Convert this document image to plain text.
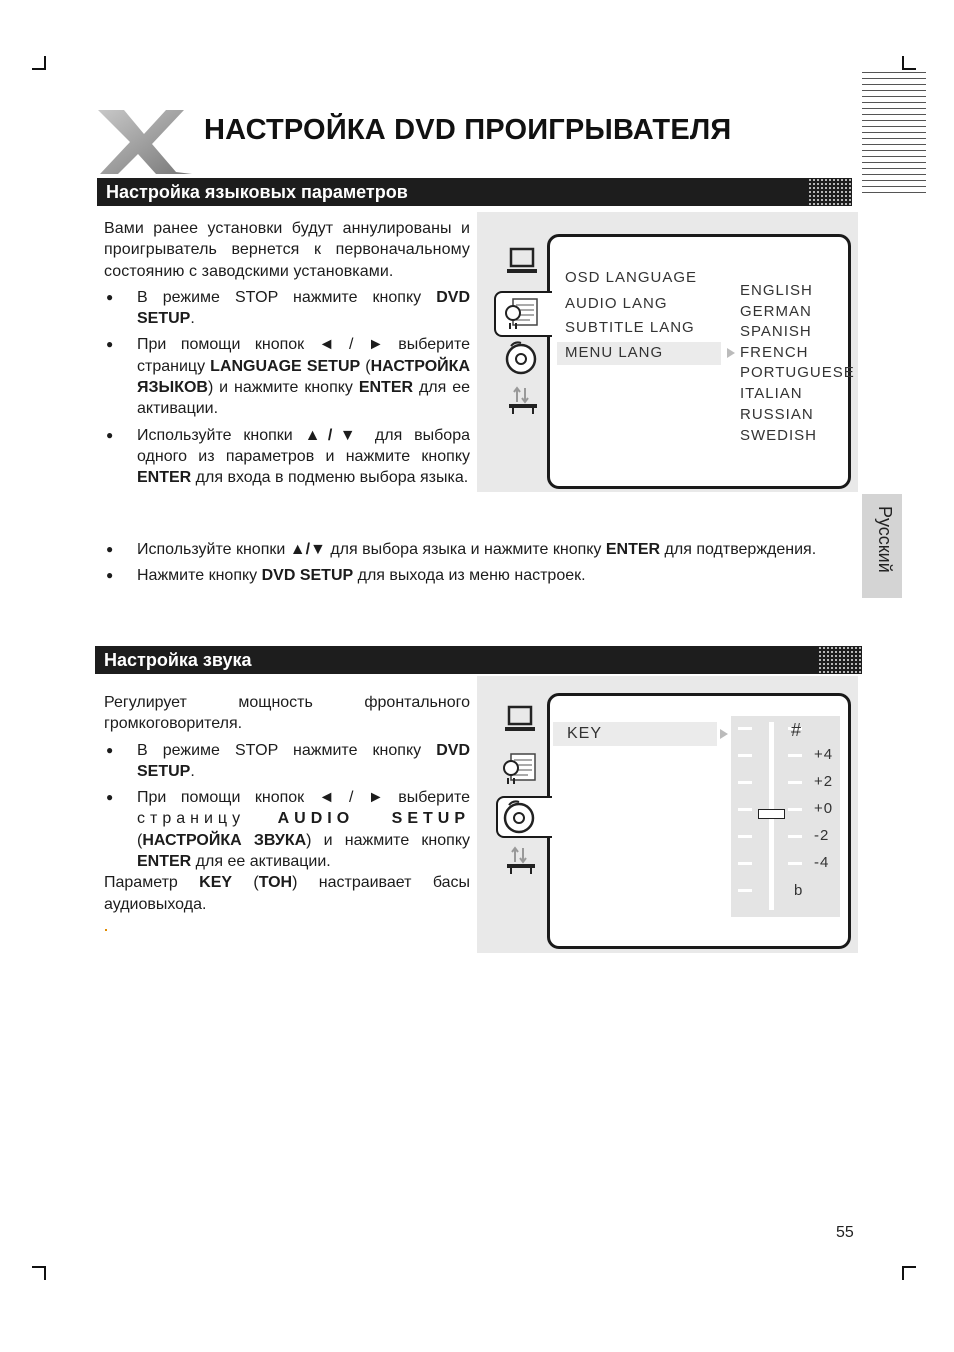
НАСТРОЙКА DVD ПРОИГРЫВАТЕЛЯ
Настройка языковых параметров

Вами ранее установки будут аннулированы и проигрыватель вернется к первоначальному состоянию с заводскими установками.

● В режиме STOP нажмите кнопку DVD SETUP.
● При помощи кнопок ◄ / ► выберите страницу LANGUAGE SETUP (НАСТРОЙКА ЯЗЫКОВ) и нажмите кнопку ENTER для ее активации.
● Используйте кнопки ▲/▼ для выбора одного из параметров и нажмите кнопку ENTER для входа в подменю выбора языка.
● Используйте кнопки ▲/▼ для выбора языка и нажмите кнопку ENTER для подтверждения.
● Нажмите кнопку DVD SETUP для выхода из меню настроек.
OSD LANGUAGE
AUDIO LANG
SUBTITLE LANG
MENU LANG
ENGLISH
GERMAN
SPANISH
FRENCH
PORTUGUESE
ITALIAN
RUSSIAN
SWEDISH
Русский
Настройка звука

Регулирует мощность фронтального громкоговорителя.

● В режиме STOP нажмите кнопку DVD SETUP.
● При помощи кнопок ◄ / ► выберите страницу AUDIO SETUP (НАСТРОЙКА ЗВУКА) и нажмите кнопку ENTER для ее активации.

Параметр KEY (ТОН) настраивает басы аудиовыхода.

KEY	#
+4
+2
+0
-2
-4
b
55
